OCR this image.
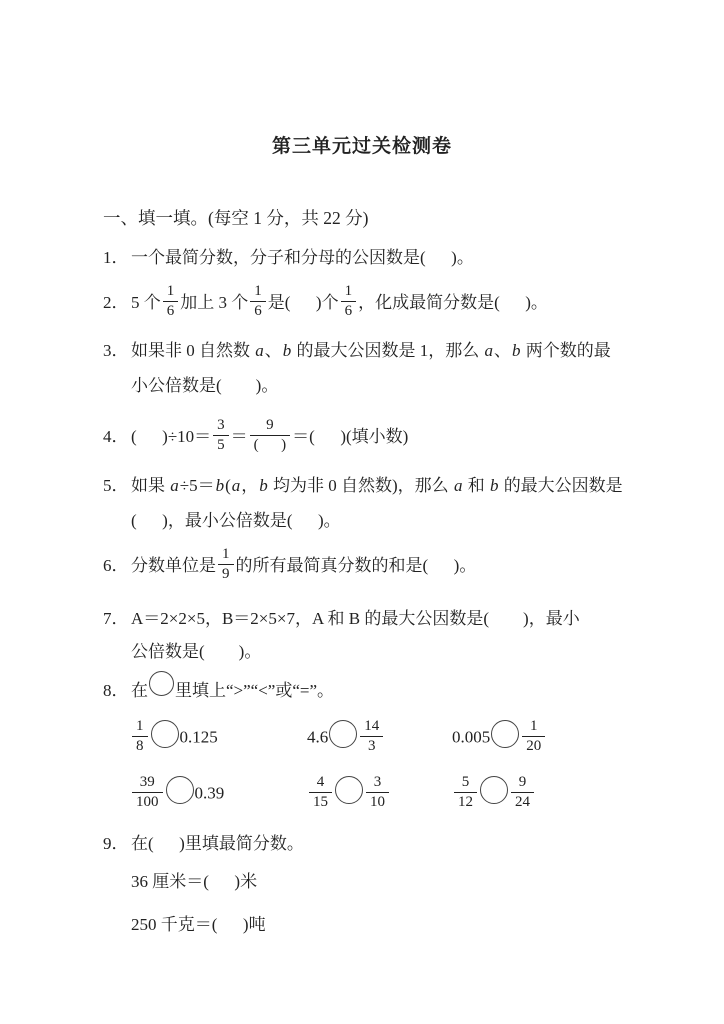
第三单元过关检测卷
一、填一填。(每空 1 分，共 22 分)
1． 一个最简分数，分子和分母的公因数是(      )。
2． 5 个 $\frac{1}{6}$ 加上 3 个 $\frac{1}{6}$ 是(      )个 $\frac{1}{6}$ ，化成最简分数是(      )。
3． 如果非 0 自然数 a、b 的最大公因数是 1，那么 a、b 两个数的最
小公倍数是(        )。
4． (      )$\div 10= \frac{3}{5} = \frac{9}{( )}$ ＝(      )(填小数)
5． 如果 a÷5＝b(a，b 均为非 0 自然数)，那么 a 和 b 的最大公因数是
(      )，最小公倍数是(      )。
6． 分数单位是 $\frac{1}{9}$ 的所有最简真分数的和是(      )。
7． A＝2×2×5，B＝2×5×7，A 和 B 的最大公因数是(        )，最小
公倍数是(        )。
8． 在 里填上“>”“<”或“=”。
$\frac{1}{8} 0.125$	$4.6 \frac{14}{3}$	$0.005 \frac{1}{20}$
$\frac{39}{100} 0.39$	$\frac{4}{15} \frac{3}{10}$	$\frac{5}{12} \frac{9}{24}$
9． 在(      )里填最简分数。
36 厘米＝(      )米
250 千克＝(      )吨
